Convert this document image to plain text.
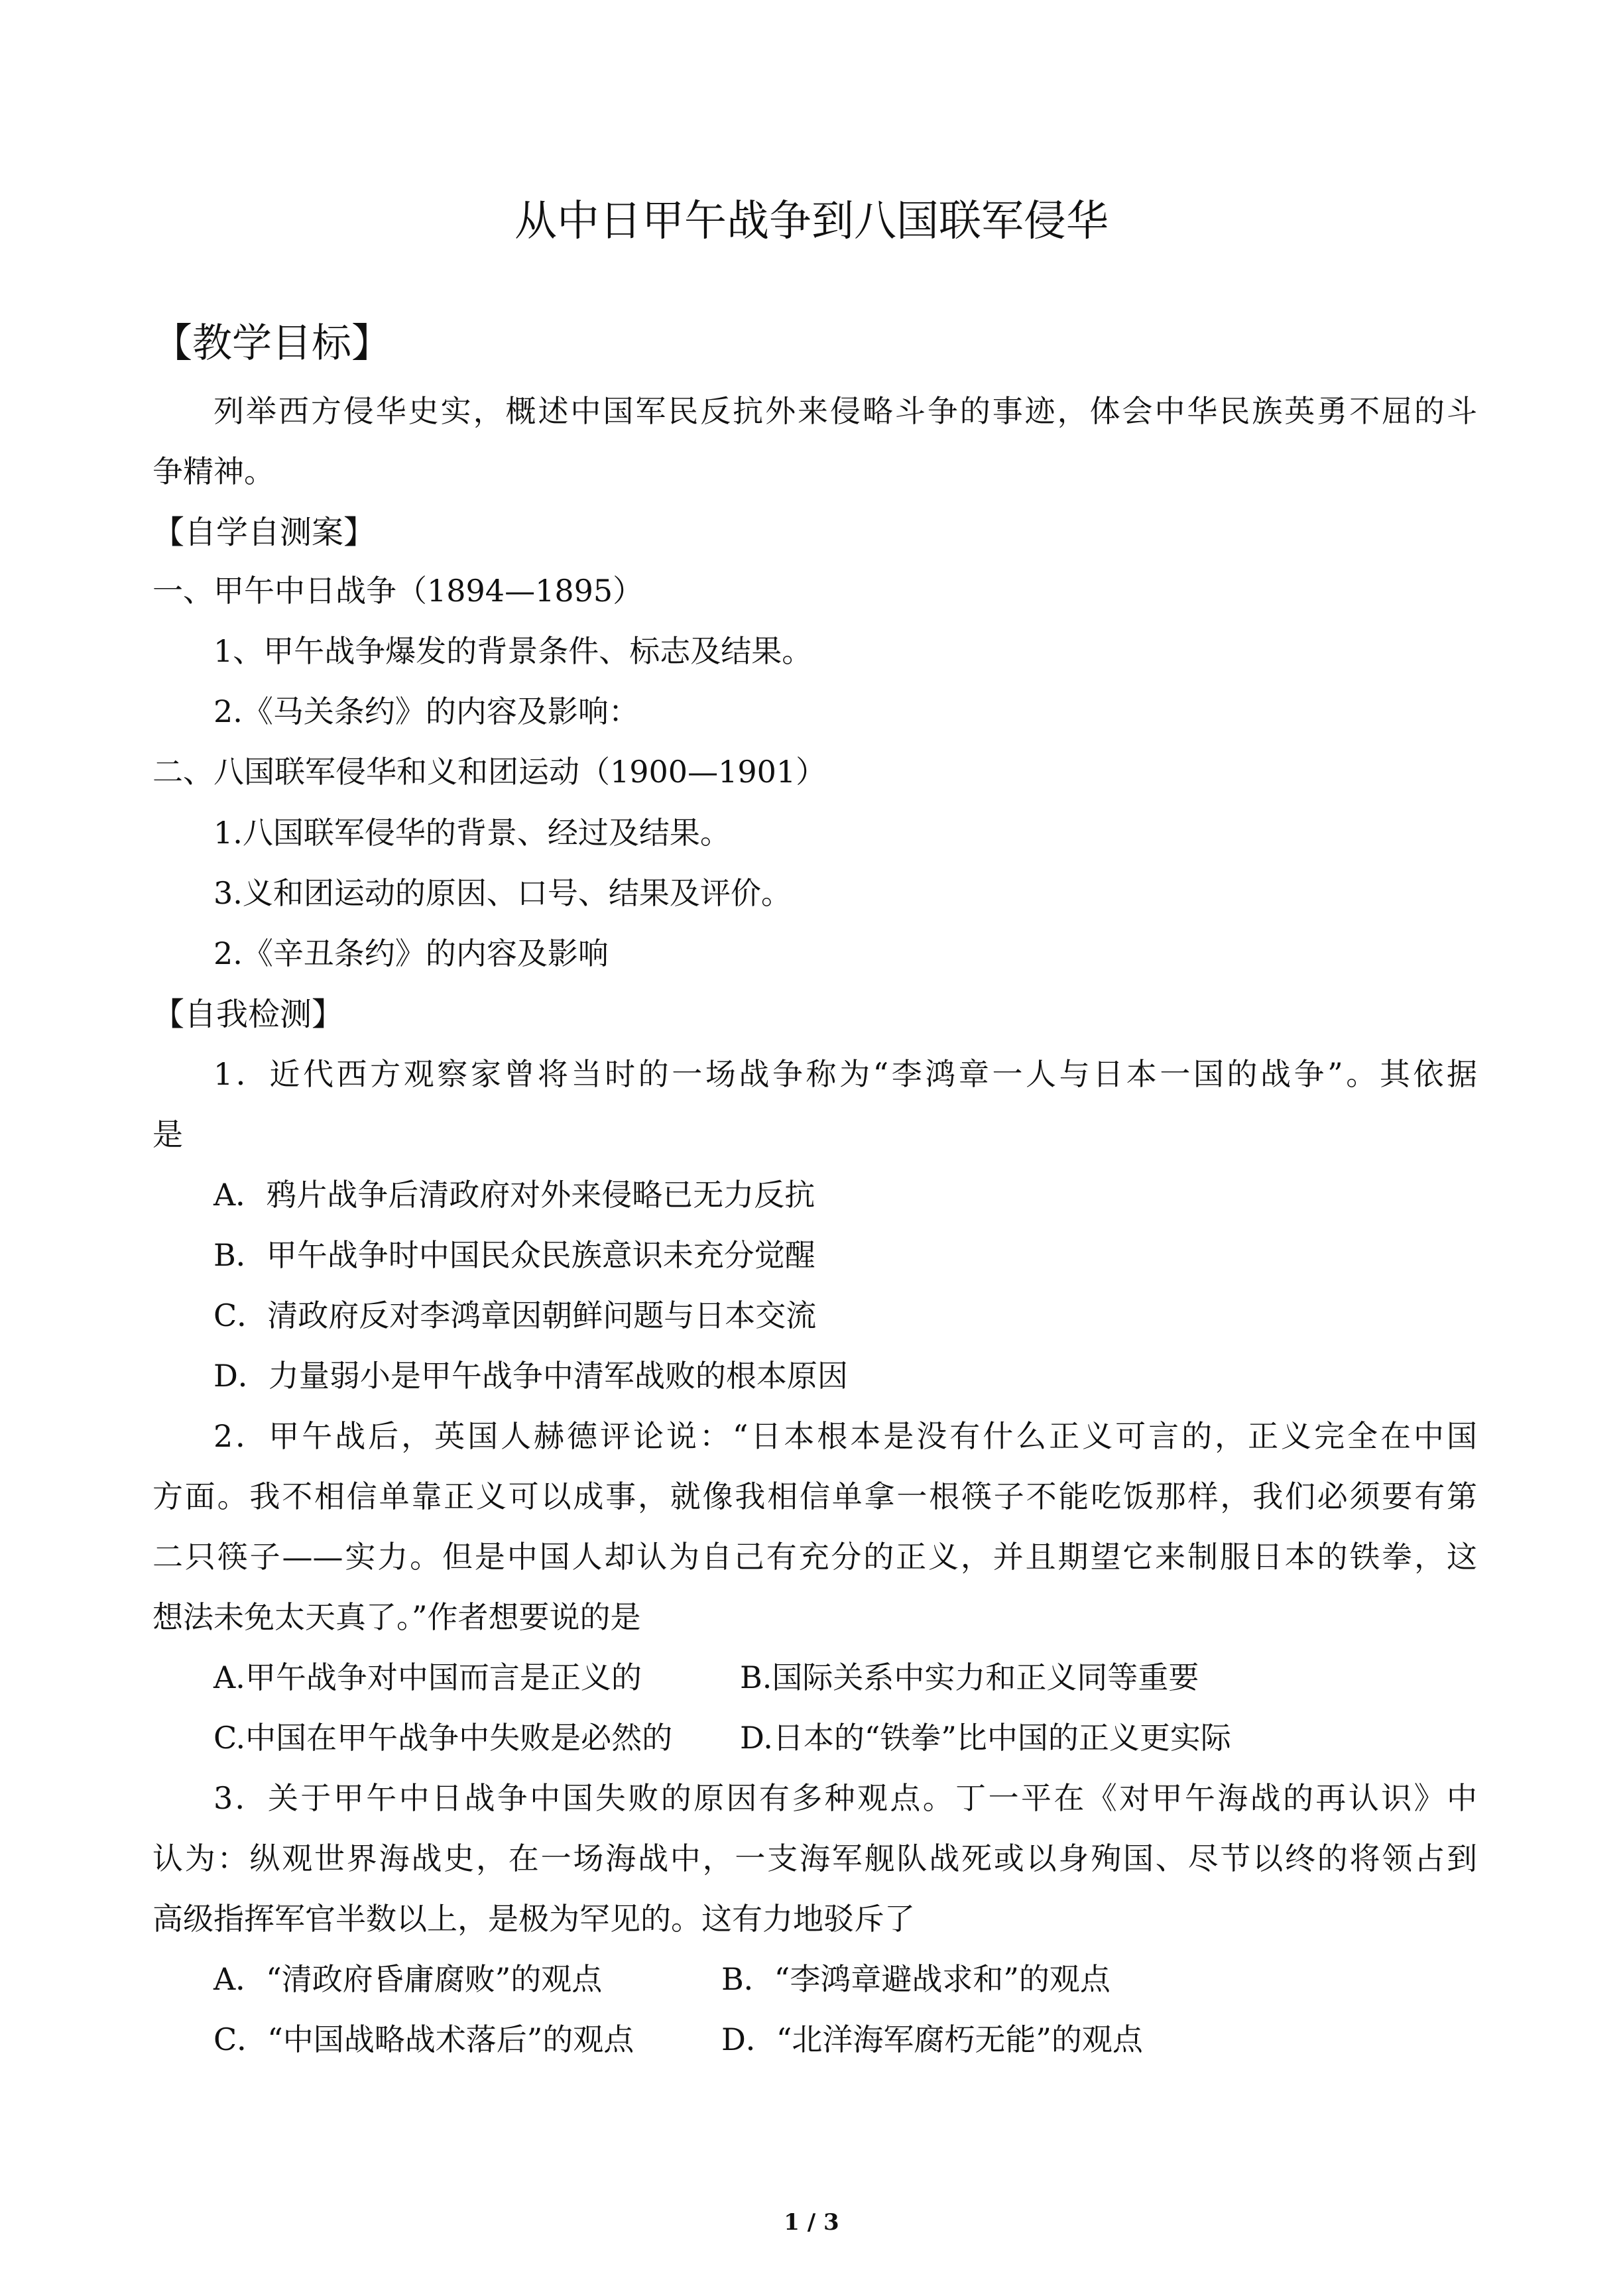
从中日甲午战争到八国联军侵华
【教学目标】
列举西方侵华史实，概述中国军民反抗外来侵略斗争的事迹，体会中华民族英勇不屈的斗
争精神。
【自学自测案】
一、甲午中日战争（1894—1895）
1、甲午战争爆发的背景条件、标志及结果。
2.《马关条约》的内容及影响：
二、八国联军侵华和义和团运动（1900—1901）
1.八国联军侵华的背景、经过及结果。
3.义和团运动的原因、口号、结果及评价。
2.《辛丑条约》的内容及影响
【自我检测】
1．近代西方观察家曾将当时的一场战争称为“李鸿章一人与日本一国的战争”。其依据
是
A．鸦片战争后清政府对外来侵略已无力反抗
B．甲午战争时中国民众民族意识未充分觉醒
C．清政府反对李鸿章因朝鲜问题与日本交流
D．力量弱小是甲午战争中清军战败的根本原因
2．甲午战后，英国人赫德评论说：“日本根本是没有什么正义可言的，正义完全在中国
方面。我不相信单靠正义可以成事，就像我相信单拿一根筷子不能吃饭那样，我们必须要有第
二只筷子——实力。但是中国人却认为自己有充分的正义，并且期望它来制服日本的铁拳，这
想法未免太天真了。”作者想要说的是
A.甲午战争对中国而言是正义的	B.国际关系中实力和正义同等重要
C.中国在甲午战争中失败是必然的 D.日本的“铁拳”比中国的正义更实际
3．关于甲午中日战争中国失败的原因有多种观点。丁一平在《对甲午海战的再认识》中
认为：纵观世界海战史，在一场海战中，一支海军舰队战死或以身殉国、尽节以终的将领占到
高级指挥军官半数以上，是极为罕见的。这有力地驳斥了
A．“清政府昏庸腐败”的观点	B．“李鸿章避战求和”的观点
C．“中国战略战术落后”的观点	D．“北洋海军腐朽无能”的观点
1 / 3
